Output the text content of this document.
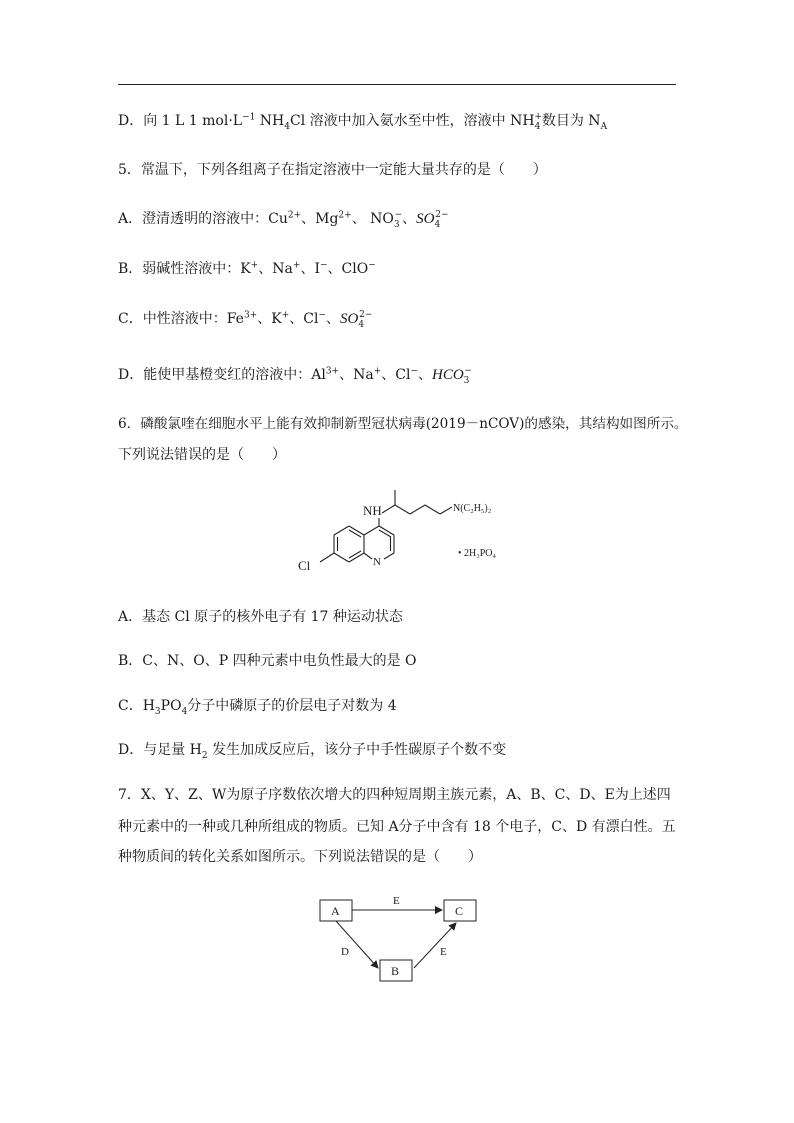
D．向 1 L 1 $mol\cdot L^{-1}$ $NH_4Cl$ 溶液中加入氨水至中性，溶液中 $NH_4^+$数目为 $N_A$
5．常温下，下列各组离子在指定溶液中一定能大量共存的是（　　）
A．澄清透明的溶液中：$Cu^{2+}$、$Mg^{2+}$、 $NO_3^-$、$SO_4^{2-}$
B．弱碱性溶液中：K+、Na+、I−、ClO−
C．中性溶液中：$Fe^{3+}$、K+、Cl−、$SO_4^{2-}$
D．能使甲基橙变红的溶液中：$Al^{3+}$、Na+、Cl−、$HCO_3^-$
6．磷酸氯喹在细胞水平上能有效抑制新型冠状病毒(2019－nCOV)的感染，其结构如图所示。
下列说法错误的是（　　）
NH
N
Cl
N(C₂H₅)₂
• 2H₃PO₄
A．基态 Cl 原子的核外电子有 17 种运动状态
B．C、N、O、P 四种元素中电负性最大的是 O
C．$H_3PO_4$分子中磷原子的价层电子对数为 4
D．与足量 $H_2$ 发生加成反应后，该分子中手性碳原子个数不变
7．X、Y、Z、W为原子序数依次增大的四种短周期主族元素，A、B、C、D、E为上述四
种元素中的一种或几种所组成的物质。已知 A分子中含有 18 个电子，C、D 有漂白性。五
种物质间的转化关系如图所示。下列说法错误的是（　　）
A	C
B
E
D	E
